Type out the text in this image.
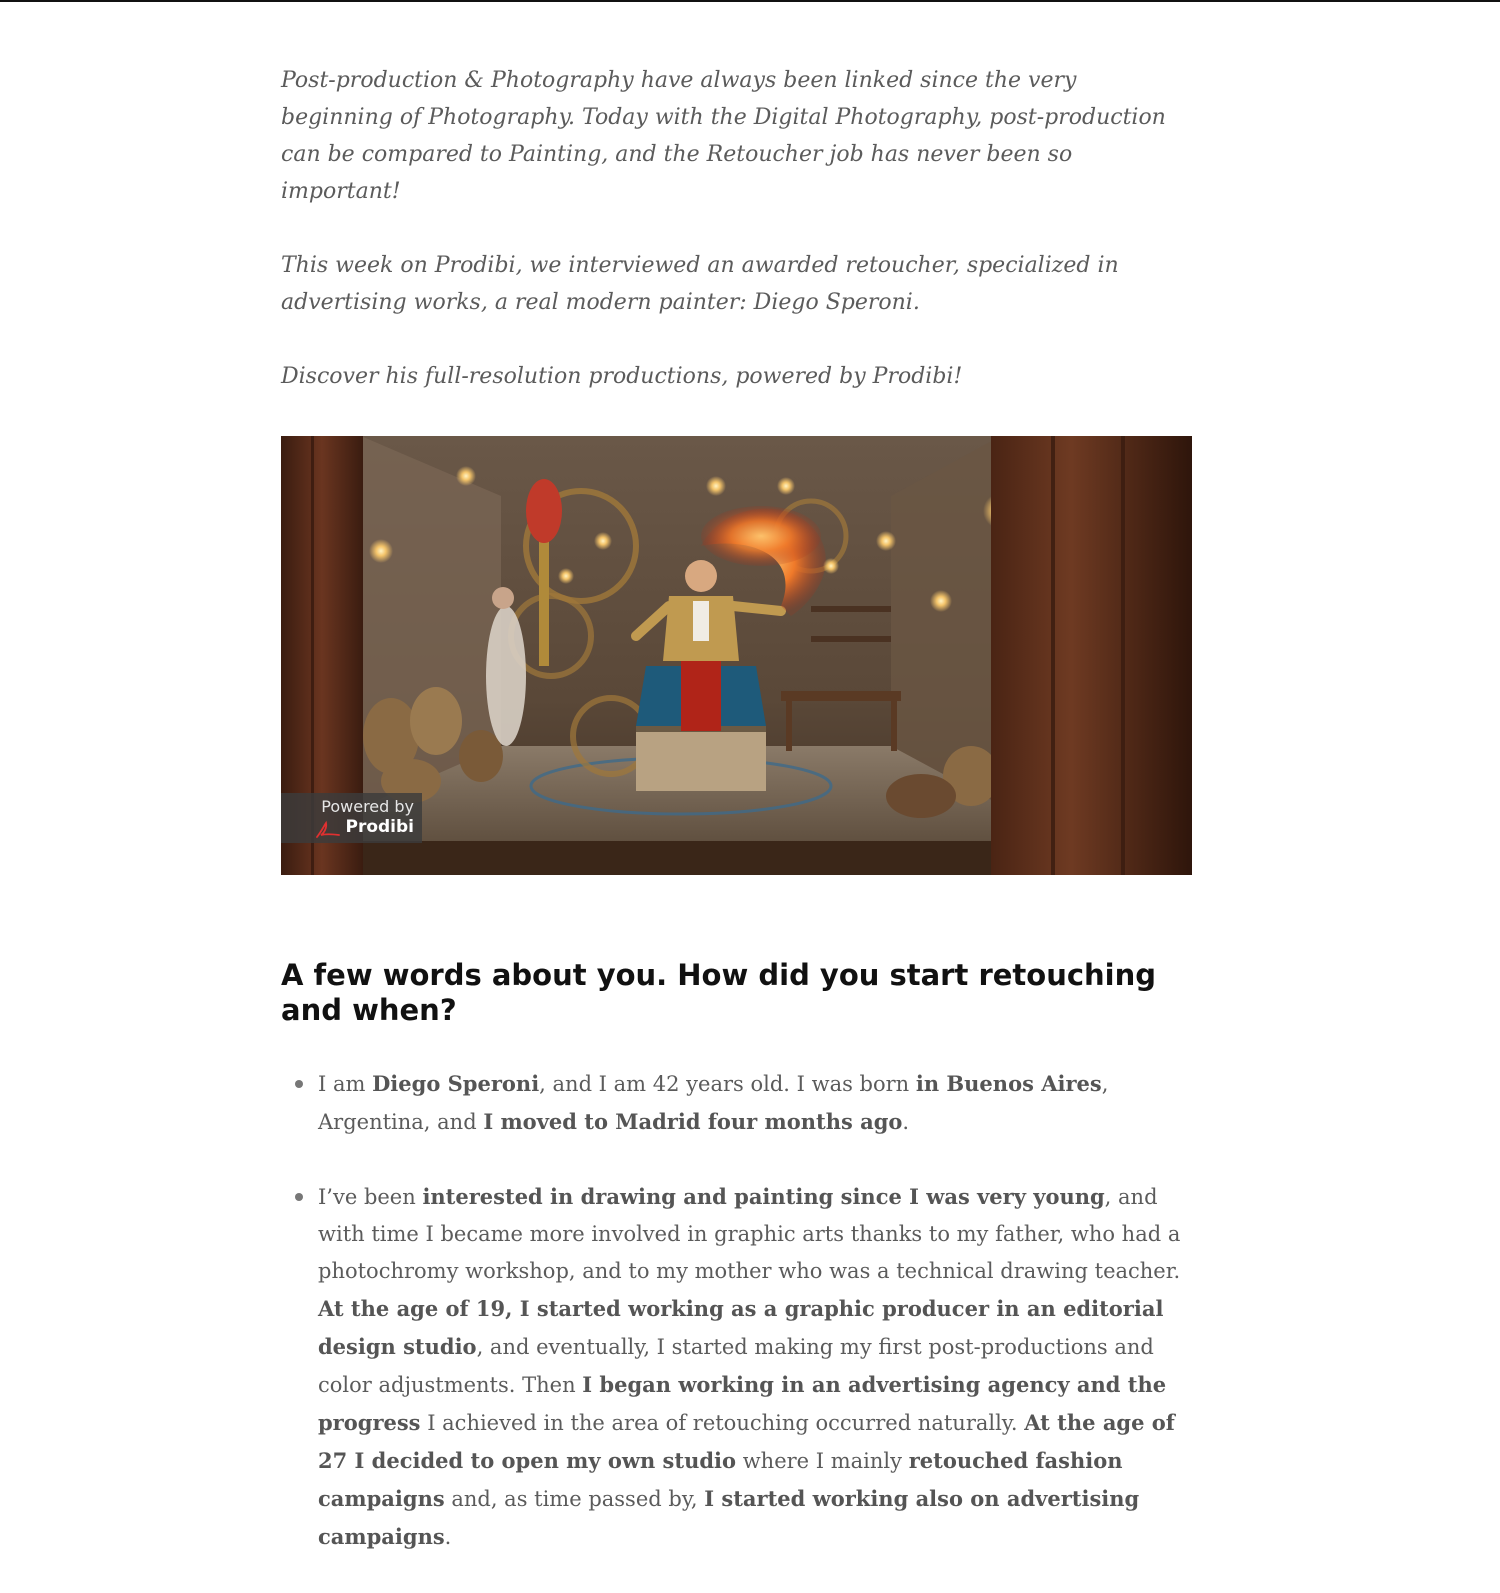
Post-production & Photography have always been linked since the very beginning of Photography. Today with the Digital Photography, post-production can be compared to Painting, and the Retoucher job has never been so important!

This week on Prodibi, we interviewed an awarded retoucher, specialized in advertising works, a real modern painter: Diego Speroni.

Discover his full-resolution productions, powered by Prodibi!

Powered by
Prodibi
A few words about you. How did you start retouching and when?
I am Diego Speroni, and I am 42 years old. I was born in Buenos Aires, Argentina, and I moved to Madrid four months ago.
I’ve been interested in drawing and painting since I was very young, and with time I became more involved in graphic arts thanks to my father, who had a photochromy workshop, and to my mother who was a technical drawing teacher. At the age of 19, I started working as a graphic producer in an editorial design studio, and eventually, I started making my first post-productions and color adjustments. Then I began working in an advertising agency and the progress I achieved in the area of retouching occurred naturally. At the age of 27 I decided to open my own studio where I mainly retouched fashion campaigns and, as time passed by, I started working also on advertising campaigns.
